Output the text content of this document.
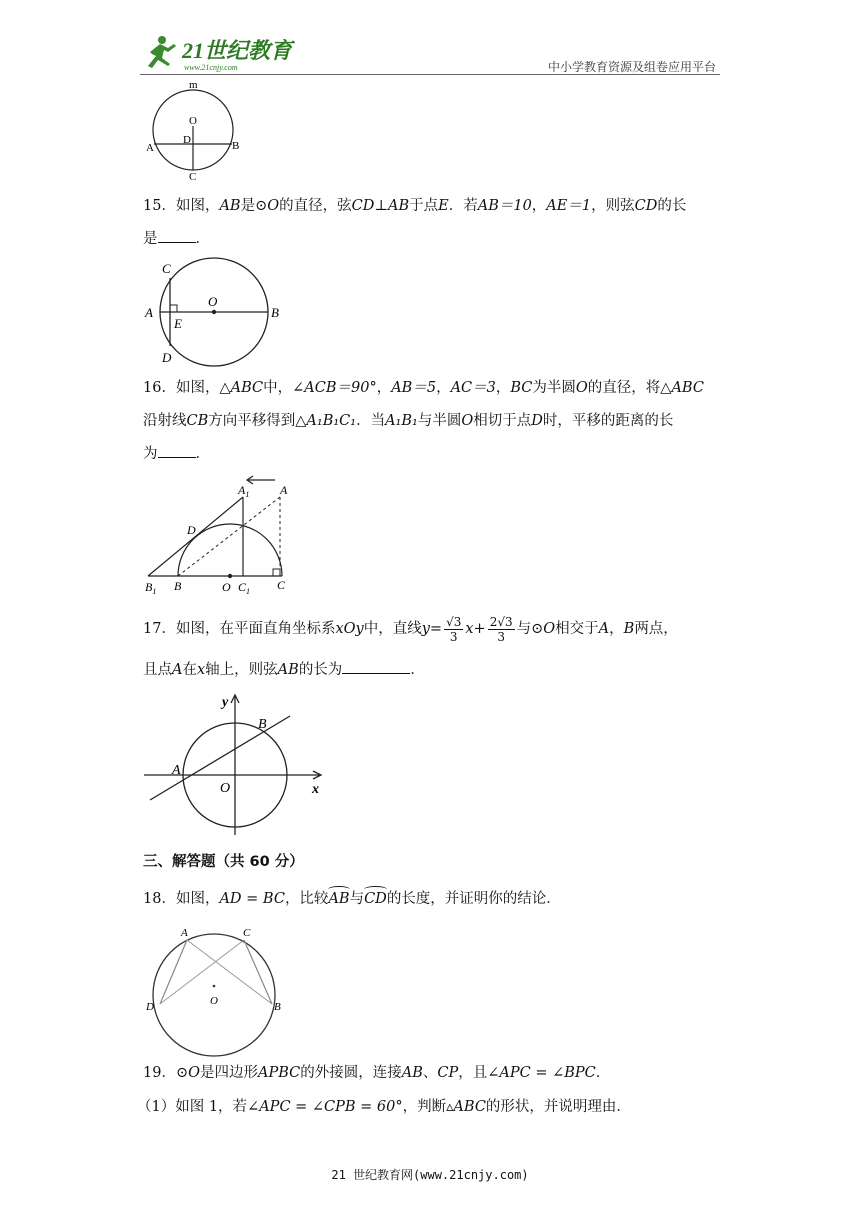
21世纪教育
www.21cnjy.com	中小学教育资源及组卷应用平台
m
O
D
A	B
C
15．如图，AB是⊙O的直径，弦CD⊥AB于点E．若AB＝10，AE＝1，则弦CD的长
是	．
C
A
E
O
B
D
16．如图，△ABC中，∠ACB＝90°，AB＝5，AC＝3，BC为半圆O的直径，将△ABC
沿射线CB方向平移得到△A₁B₁C₁．当A₁B₁与半圆O相切于点D时，平移的距离的长
为	．
$A_1$	A
D
$B_1$ B	O $C_1$ C
17．如图，在平面直角坐标系xOy中，直线$y= \frac{√3}{3} x+ \frac{2√3}{3}$ 与⊙O相交于A，B两点，
且点A在x轴上，则弦AB的长为	．
y
B
A
O	x
三、解答题（共 60 分）
18．如图，AD = BC，比较AB与CD的长度，并证明你的结论．
A	C
D	O	B
19．⊙O是四边形APBC的外接圆，连接AB、CP，且∠APC = ∠BPC．
（1）如图 1，若∠APC = ∠CPB = 60°，判断▵ABC的形状，并说明理由．
21 世纪教育网(www.21cnjy.com)
